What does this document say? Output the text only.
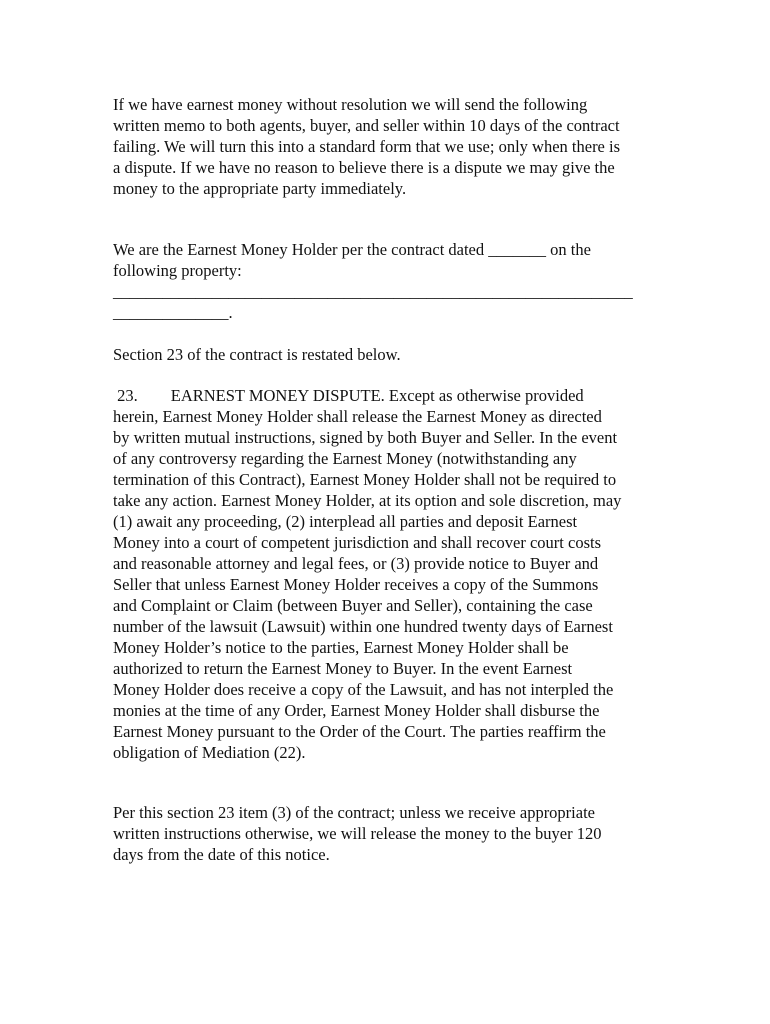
If we have earnest money without resolution we will send the following
written memo to both agents, buyer, and seller within 10 days of the contract
failing. We will turn this into a standard form that we use; only when there is
a dispute. If we have no reason to believe there is a dispute we may give the
money to the appropriate party immediately.

We are the Earnest Money Holder per the contract dated _______ on the
following property:
_______________________________________________________________
______________.

Section 23 of the contract is restated below.

23.        EARNEST MONEY DISPUTE. Except as otherwise provided
herein, Earnest Money Holder shall release the Earnest Money as directed
by written mutual instructions, signed by both Buyer and Seller. In the event
of any controversy regarding the Earnest Money (notwithstanding any
termination of this Contract), Earnest Money Holder shall not be required to
take any action. Earnest Money Holder, at its option and sole discretion, may
(1) await any proceeding, (2) interplead all parties and deposit Earnest
Money into a court of competent jurisdiction and shall recover court costs
and reasonable attorney and legal fees, or (3) provide notice to Buyer and
Seller that unless Earnest Money Holder receives a copy of the Summons
and Complaint or Claim (between Buyer and Seller), containing the case
number of the lawsuit (Lawsuit) within one hundred twenty days of Earnest
Money Holder’s notice to the parties, Earnest Money Holder shall be
authorized to return the Earnest Money to Buyer. In the event Earnest
Money Holder does receive a copy of the Lawsuit, and has not interpled the
monies at the time of any Order, Earnest Money Holder shall disburse the
Earnest Money pursuant to the Order of the Court. The parties reaffirm the
obligation of Mediation (22).

Per this section 23 item (3) of the contract; unless we receive appropriate
written instructions otherwise, we will release the money to the buyer 120
days from the date of this notice.
